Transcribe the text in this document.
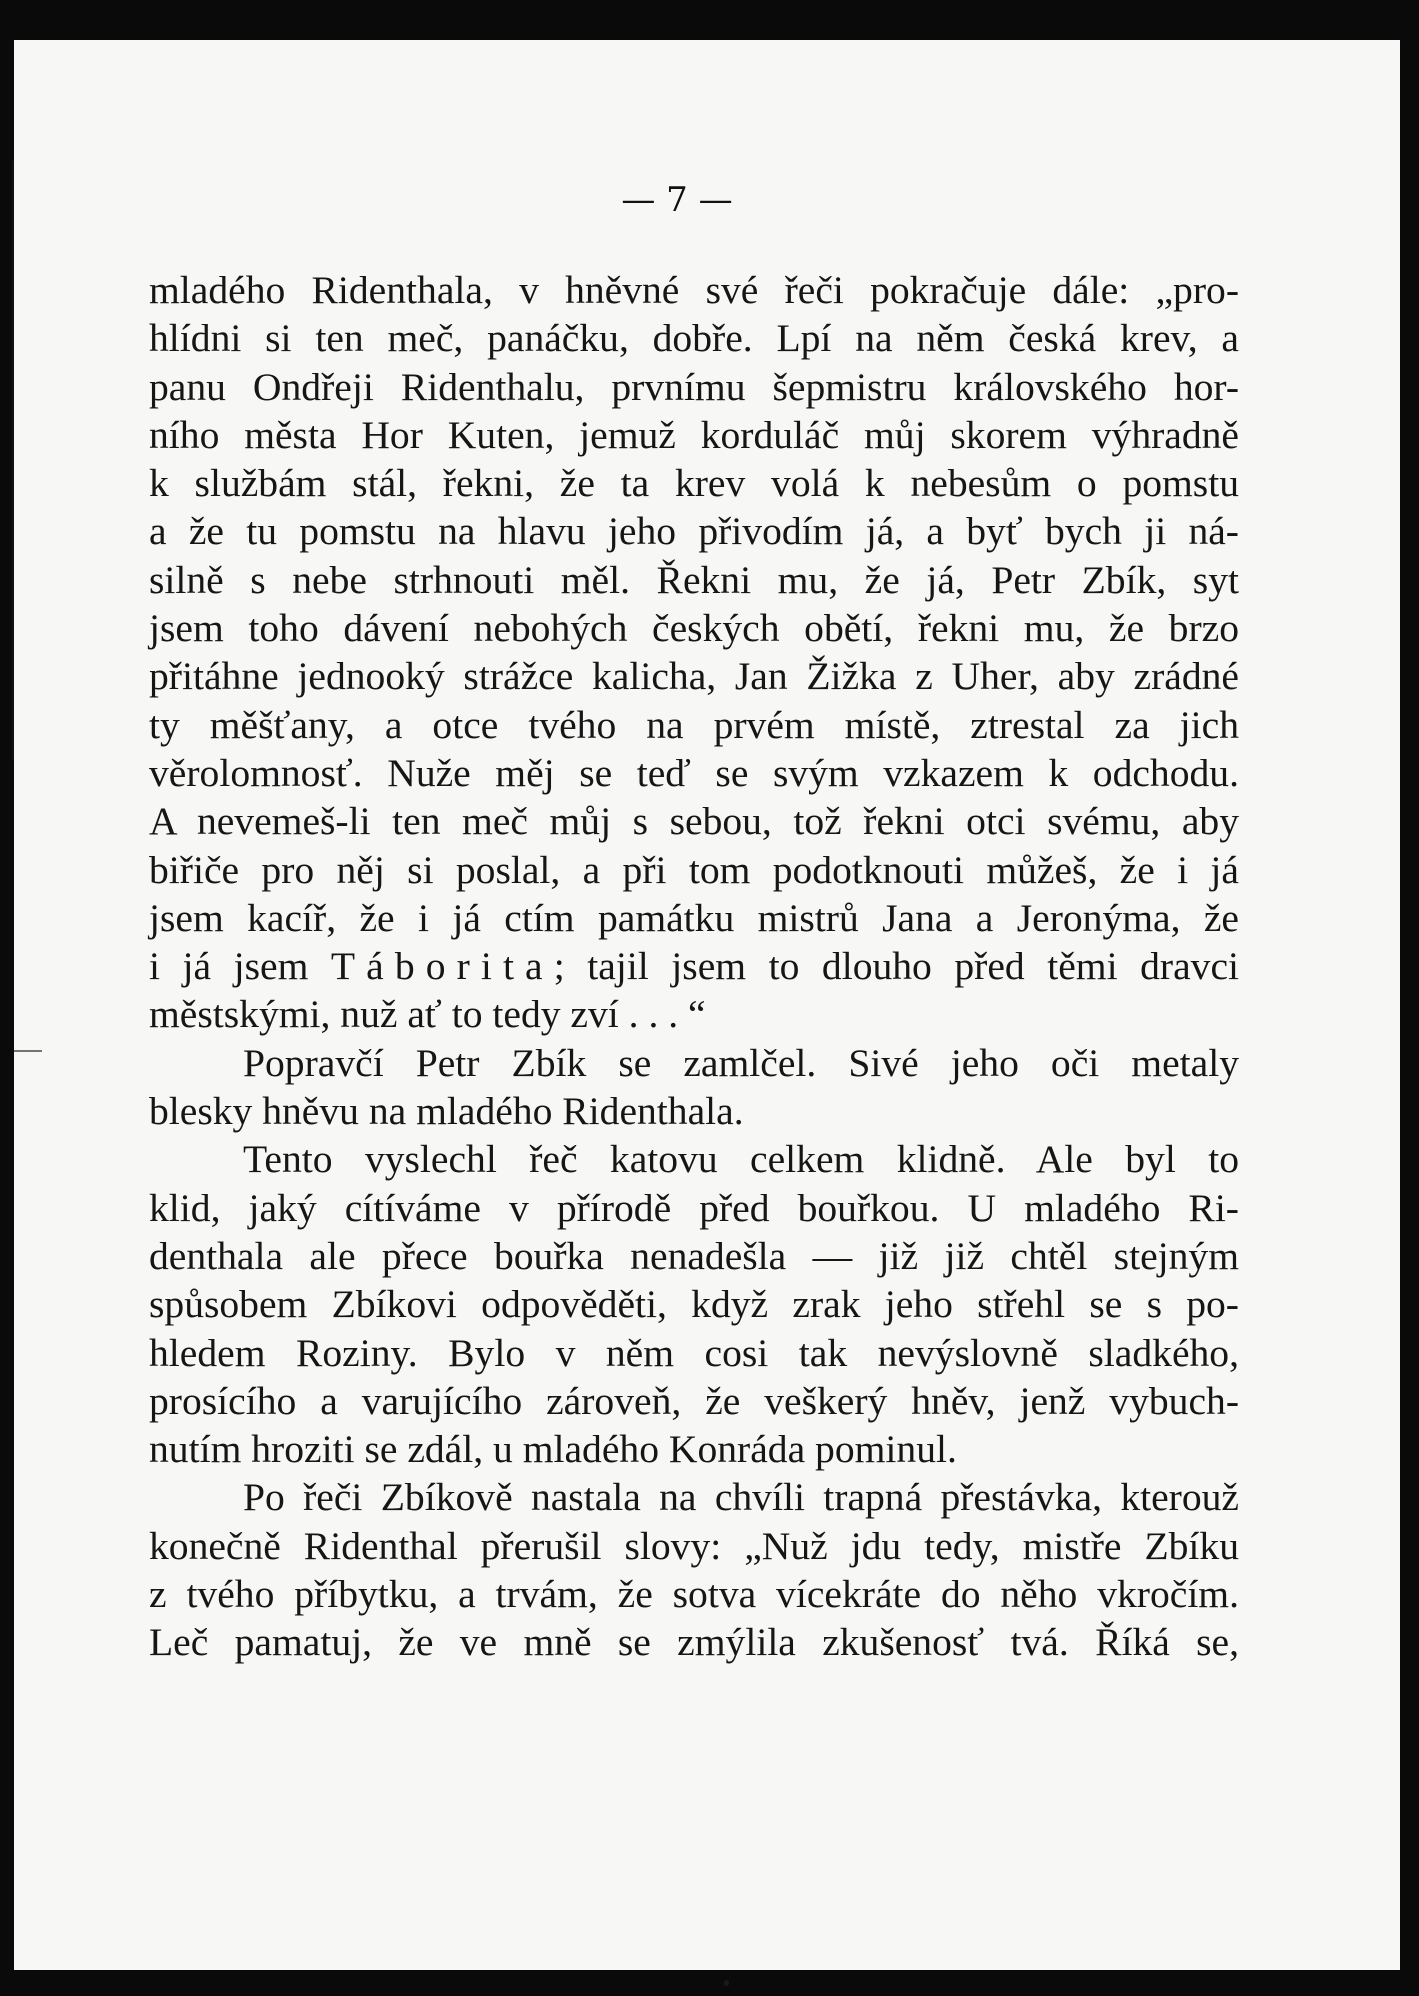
— 7 —
mladého Ridenthala, v hněvné své řeči pokračuje dále: „pro-
hlídni si ten meč, panáčku, dobře. Lpí na něm česká krev, a
panu Ondřeji Ridenthalu, prvnímu šepmistru královského hor-
ního města Hor Kuten, jemuž korduláč můj skorem výhradně
k službám stál, řekni, že ta krev volá k nebesům o pomstu
a že tu pomstu na hlavu jeho přivodím já, a byť bych ji ná-
silně s nebe strhnouti měl. Řekni mu, že já, Petr Zbík, syt
jsem toho dávení nebohých českých obětí, řekni mu, že brzo
přitáhne jednooký strážce kalicha, Jan Žižka z Uher, aby zrádné
ty měšťany, a otce tvého na prvém místě, ztrestal za jich
věrolomnosť. Nuže měj se teď se svým vzkazem k odchodu.
A nevemeš-li ten meč můj s sebou, tož řekni otci svému, aby
biřiče pro něj si poslal, a při tom podotknouti můžeš, že i já
jsem kacíř, že i já ctím památku mistrů Jana a Jeronýma, že
i já jsem Táborita; tajil jsem to dlouho před těmi dravci
městskými, nuž ať to tedy zví . . . “
Popravčí Petr Zbík se zamlčel. Sivé jeho oči metaly
blesky hněvu na mladého Ridenthala.
Tento vyslechl řeč katovu celkem klidně. Ale byl to
klid, jaký cítíváme v přírodě před bouřkou. U mladého Ri-
denthala ale přece bouřka nenadešla — již již chtěl stejným
spůsobem Zbíkovi odpověděti, když zrak jeho střehl se s po-
hledem Roziny. Bylo v něm cosi tak nevýslovně sladkého,
prosícího a varujícího zároveň, že veškerý hněv, jenž vybuch-
nutím hroziti se zdál, u mladého Konráda pominul.
Po řeči Zbíkově nastala na chvíli trapná přestávka, kterouž
konečně Ridenthal přerušil slovy: „Nuž jdu tedy, mistře Zbíku
z tvého příbytku, a trvám, že sotva vícekráte do něho vkročím.
Leč pamatuj, že ve mně se zmýlila zkušenosť tvá. Říká se,
